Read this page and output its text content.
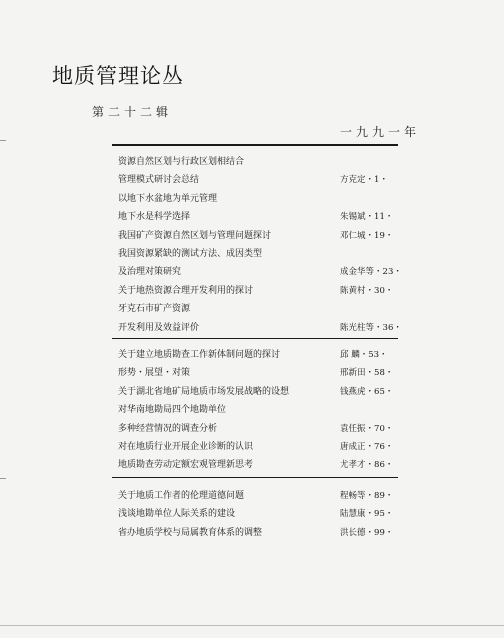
地质管理论丛
第二十二辑
一九九一年
资源自然区划与行政区划相结合
管理模式研讨会总结	方克定・1・
以地下水盆地为单元管理
地下水是科学选择	朱锡斌・11・
我国矿产资源自然区划与管理问题探讨	邓仁城・19・
我国资源紧缺的测试方法、成因类型
及治理对策研究	成金华等・23・
关于地热资源合理开发利用的探讨	陈黄村・30・
牙克石市矿产资源
开发利用及效益评价	陈光柱等・36・
关于建立地质勘查工作新体制问题的探讨	邱 麟・53・
形势・展望・对策	邢新田・58・
关于湖北省地矿局地质市场发展战略的设想	钱燕虎・65・
对华南地勘局四个地勘单位
多种经营情况的调查分析	袁任振・70・
对在地质行业开展企业诊断的认识	唐成正・76・
地质勘查劳动定额宏观管理新思考	尤孝才・86・
关于地质工作者的伦理道德问题	程畅等・89・
浅谈地勘单位人际关系的建设	陆慧康・95・
省办地质学校与局属教育体系的调整	洪长德・99・
